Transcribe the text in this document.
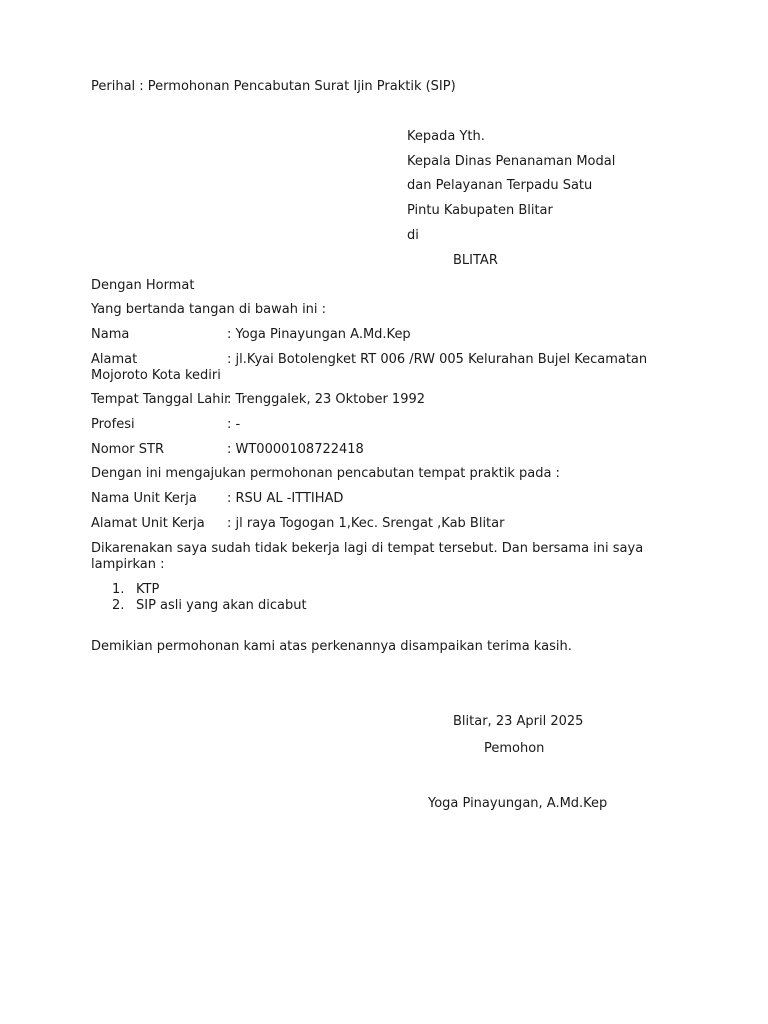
Perihal : Permohonan Pencabutan Surat Ijin Praktik (SIP)
Kepada Yth.
Kepala Dinas Penanaman Modal
dan Pelayanan Terpadu Satu
Pintu Kabupaten Blitar
di
BLITAR
Dengan Hormat
Yang bertanda tangan di bawah ini :
Nama	: Yoga Pinayungan A.Md.Kep
Alamat	: jl.Kyai Botolengket RT 006 /RW 005 Kelurahan Bujel Kecamatan
Mojoroto Kota kediri
Tempat Tanggal Lahir
: Trenggalek, 23 Oktober 1992
Profesi	: -
Nomor STR	: WT0000108722418
Dengan ini mengajukan permohonan pencabutan tempat praktik pada :
Nama Unit Kerja : RSU AL -ITTIHAD
Alamat Unit Kerja : jl raya Togogan 1,Kec. Srengat ,Kab Blitar
Dikarenakan saya sudah tidak bekerja lagi di tempat tersebut. Dan bersama ini saya
lampirkan :
1. KTP
2. SIP asli yang akan dicabut
Demikian permohonan kami atas perkenannya disampaikan terima kasih.
Blitar, 23 April 2025
Pemohon
Yoga Pinayungan, A.Md.Kep
